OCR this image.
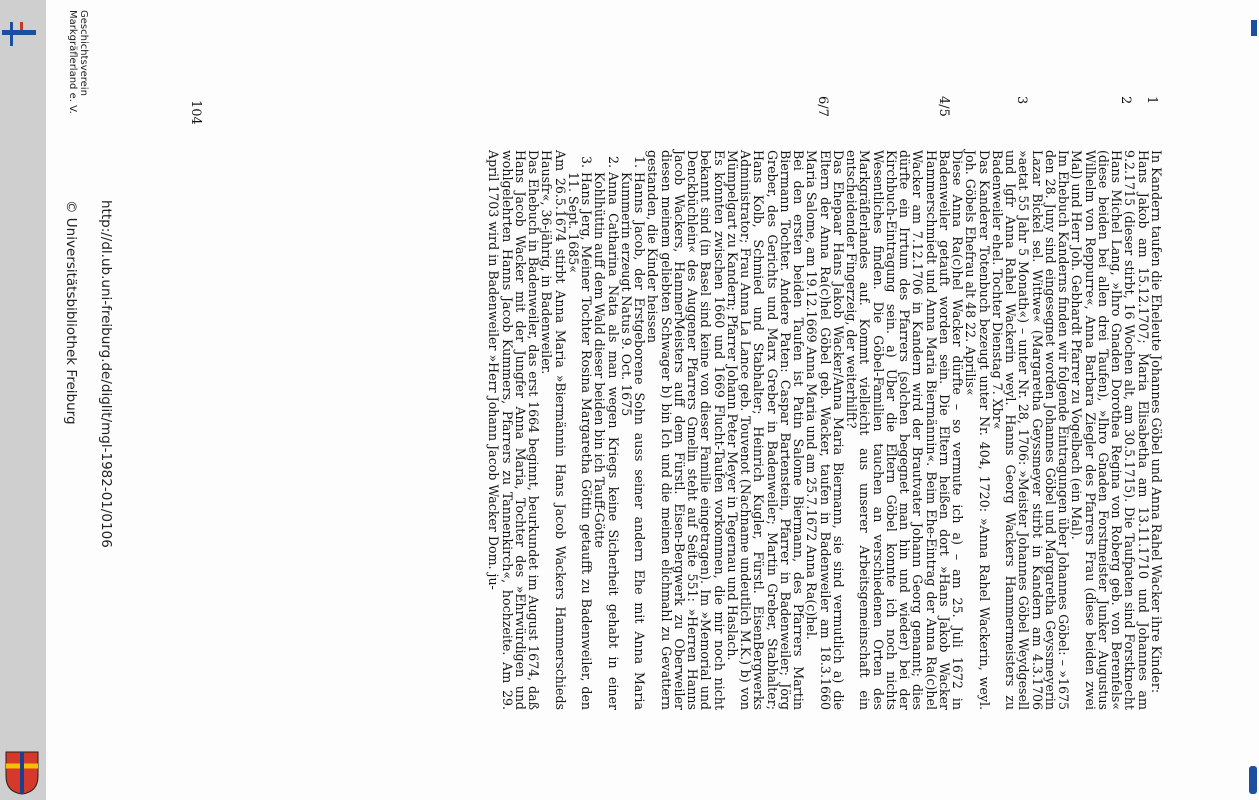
1
2
3
4/5
6/7

In Kandern taufen die Eheleute Johannes Göbel und Anna Rahel Wacker ihre Kinder:

Hans Jakob am 15.12.1707; Maria Elisabetha am 13.11.1710 und Johannes am 9.2.1715 (dieser stirbt, 16 Wochen alt, am 30.5.1715). Die Taufpaten sind Forstknecht Hans Michel Lang, »Ihro Gnaden Dorothea Regina von Roberg geb. von Berenfels« (diese beiden bei allen drei Taufen), »Ihro Gnaden Forstmeister Junker Augustus Wilhelm von Reppurre«, Anna Barbara Ziegler des Pfarrers Frau (diese beiden zwei Mal) und Herr Joh. Gebhardt Pfarrer zu Vogelbach (ein Mal).

Im Ehebuch Kanderns finden wir folgende Eintragungen über Johannes Göbel: – »1675 den 28. Juny sind eingesegnet worden Johannes Göbel und Margaretha Geyssmeyerin Lazar Bickel sel. Wittwe« (Margaretha Geyssmeyer stirbt in Kandern am 4.3.1706 »aetat 55 Jahr 5 Monath«) – unter Nr. 28, 1706: »Meister Johannes Göbel Weydgesell und Igfr Anna Rahel Wackerin weyl. Hanns Georg Wackers Hammermeisters zu Badenweiler ehel. Tochter Dienstag 7. Xbr«

Das Kanderer Totenbuch bezeugt unter Nr. 404, 1720: »Anna Rahel Wackerin, weyl. Joh. Göbels Ehefrau alt 48 22. Aprilis«

Diese Anna Ra(c)hel Wacker dürfte – so vermute ich a) – am 25. Juli 1672 in Badenweiler getauft worden sein. Die Eltern heißen dort »Hans Jakob Wacker Hammerschmiedt und Anna Maria Biermännin«. Beim Ehe-Eintrag der Anna Ra(c)hel Wacker am 7.12.1706 in Kandern wird der Brautvater Johann Georg genannt; dies dürfte ein Irrtum des Pfarrers (solchen begegnet man hin und wieder) bei der Kirchbuch-Eintragung sein. a) Über die Eltern Göbel konnte ich noch nichts Wesentliches finden. Die Göbel-Familien tauchen an verschiedenen Orten des Markgräflerlandes auf. Kommt vielleicht aus unserer Arbeitsgemeinschaft ein entscheidender Fingerzeig, der weiterhilft?

Das Ehepaar Hans Jakob Wacker/Anna Maria Biermann, sie sind vermutlich a) die Eltern der Anna Ra(c)hel Göbel geb. Wacker, taufen in Badenweiler am 18.3.1660 Maria Salome, am 19.12.1669 Anna Maria und am 25.7.1672 Anna Ra(c)hel.

Bei den ersten beiden Taufen ist Patin Salome Biermann, des Pfarrers Martin Biermann Tochter. Andere Paten: Caspar Bartenstein, Pfarrer in Badenweiler; Jörg Greber, des Gerichts und Marx Greber in Badenweiler; Martin Greber, Stabhalter; Hans Kolb, Schmied und Stabhalter; Heinrich Kugler, Fürstl. EisenBergwerks Administrator; Frau Anna La Lance geb. Touvenot (Nachname undeutlich M.K.) b) von Mümpelgart zu Kandern; Pfarrer Johann Peter Meyer in Tegernau und Haslach.

Es könnten zwischen 1660 und 1669 Flucht-Taufen vorkommen, die mir noch nicht bekannt sind (in Basel sind keine von dieser Familie eingetragen). Im »Memorial und Denckbüchlein« des Auggener Pfarrers Gmelin steht auf Seite 551: »Herren Hanns Jacob Wackers, HammerMeisters auff dem Fürstl. Eisen-Bergwerk zu Oberweiler diesen meinem geliebten Schwager b) bin Ich und die meinen elichmahl zu Gevattern gestanden, die Kinder heissen

1. Hanns Jacob, der Erstgeborene Sohn auss seiner andern Ehe mit Anna Maria Kummerin erzeugt Natus 9. Oct. 1675
2. Anna Catharina Nata als man wegen Kriegs keine Sicherheit gehabt in einer Kohlhüttin auff dem Wald dieser beiden bin ich Tauff-Götte
3. Hans Jerg, Meiner Tochter Rosina Margaretha Göttin getaufft zu Badenweiler, den 11. Sept. 1685«

Am 26.5.1674 stirbt Anna Maria »Biermännin Hans Jacob Wackers Hammerschieds Hausfr«, 36-jährig, in Badenweiler.

Das Ehebuch in Badenweiler, das erst 1664 beginnt, beurkundet im August 1674, daß Hans Jacob Wacker mit der Jungfer Anna Maria, Tochter des »Ehrwürdigen und wohlgelehrten Hanns Jacob Kummers, Pfarrers zu Tannenkirch«, hochzeite. Am 29. April 1703 wird in Badenweiler »Herr Johann Jacob Wacker Dom. ju-

104
http://dl.ub.uni-freiburg.de/diglit/mgl-1982-01/0106
© Universitätsbibliothek Freiburg
Geschichtsverein
Markgräflerland e. V.
